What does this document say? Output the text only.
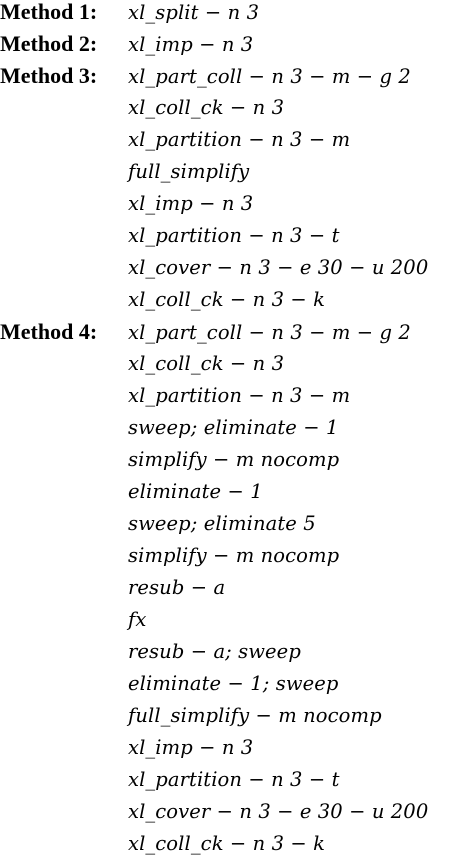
Method 1:	xl_split − n 3
Method 2:	xl_imp − n 3
Method 3:	xl_part_coll − n 3 − m − g 2
xl_coll_ck − n 3
xl_partition − n 3 − m
full_simplify
xl_imp − n 3
xl_partition − n 3 − t
xl_cover − n 3 − e 30 − u 200
xl_coll_ck − n 3 − k
Method 4:	xl_part_coll − n 3 − m − g 2
xl_coll_ck − n 3
xl_partition − n 3 − m
sweep; eliminate − 1
simplify − m nocomp
eliminate − 1
sweep; eliminate 5
simplify − m nocomp
resub − a
fx
resub − a; sweep
eliminate − 1; sweep
full_simplify − m nocomp
xl_imp − n 3
xl_partition − n 3 − t
xl_cover − n 3 − e 30 − u 200
xl_coll_ck − n 3 − k
